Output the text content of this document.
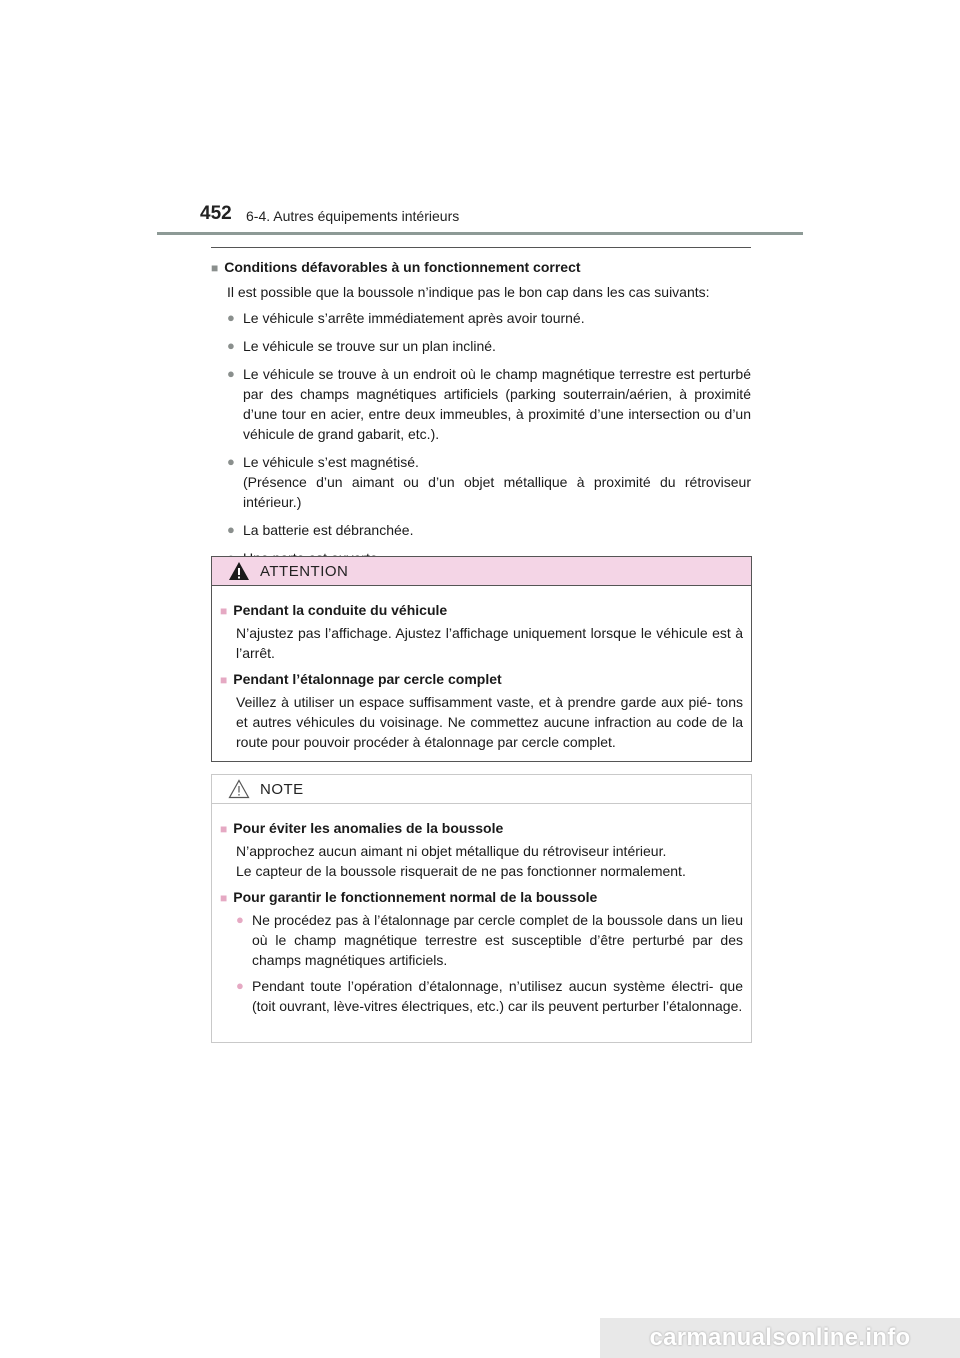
452 6-4. Autres équipements intérieurs
■ Conditions défavorables à un fonctionnement correct
Il est possible que la boussole n’indique pas le bon cap dans les cas suivants:
● Le véhicule s’arrête immédiatement après avoir tourné.
● Le véhicule se trouve sur un plan incliné.
● Le véhicule se trouve à un endroit où le champ magnétique terrestre est perturbé par des champs magnétiques artificiels (parking souterrain/aérien, à proximité d’une tour en acier, entre deux immeubles, à proximité d’une intersection ou d’un véhicule de grand gabarit, etc.).
● Le véhicule s’est magnétisé.
(Présence d’un aimant ou d’un objet métallique à proximité du rétroviseur intérieur.)
● La batterie est débranchée.
ATTENTION
■ Pendant la conduite du véhicule
N’ajustez pas l’affichage. Ajustez l’affichage uniquement lorsque le véhicule est à l’arrêt.
■ Pendant l’étalonnage par cercle complet
Veillez à utiliser un espace suffisamment vaste, et à prendre garde aux pié- tons et autres véhicules du voisinage. Ne commettez aucune infraction au code de la route pour pouvoir procéder à étalonnage par cercle complet.
NOTE
■ Pour éviter les anomalies de la boussole
N’approchez aucun aimant ni objet métallique du rétroviseur intérieur.
Le capteur de la boussole risquerait de ne pas fonctionner normalement.
■ Pour garantir le fonctionnement normal de la boussole
● Ne procédez pas à l’étalonnage par cercle complet de la boussole dans un lieu où le champ magnétique terrestre est susceptible d’être perturbé par des champs magnétiques artificiels.
● Pendant toute l’opération d’étalonnage, n’utilisez aucun système électri- que (toit ouvrant, lève-vitres électriques, etc.) car ils peuvent perturber l’étalonnage.
carmanualsonline.info
